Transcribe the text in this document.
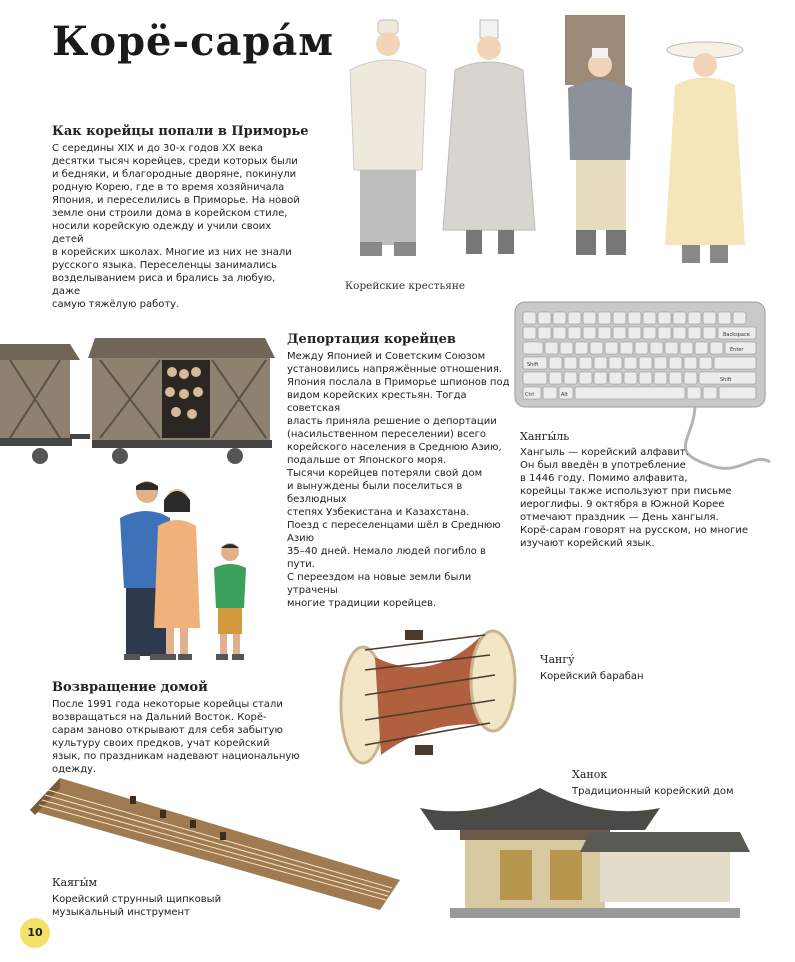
Корё-сара́м
Как корейцы попали в Приморье
С середины XIX и до 30-х годов XX века
десятки тысяч корейцев, среди которых были
и бедняки, и благородные дворяне, покинули
родную Корею, где в то время хозяйничала
Япония, и переселились в Приморье. На новой
земле они строили дома в корейском стиле,
носили корейскую одежду и учили своих детей
в корейских школах. Многие из них не знали
русского языка. Переселенцы занимались
возделыванием риса и брались за любую, даже
самую тяжёлую работу.
Корейские крестьяне
Депортация корейцев
Между Японией и Советским Союзом
установились напряжённые отношения.
Япония послала в Приморье шпионов под
видом корейских крестьян. Тогда советская
власть приняла решение о депортации
(насильственном переселении) всего
корейского населения в Среднюю Азию,
подальше от Японского моря.
Тысячи корейцев потеряли свой дом
и вынуждены были поселиться в безлюдных
степях Узбекистана и Казахстана.
Поезд с переселенцами шёл в Среднюю Азию
35–40 дней. Немало людей погибло в пути.
С переездом на новые земли были утрачены
многие традиции корейцев.
Backspace
Enter
Shift
Shift
Ctrl	Alt
Хангы́ль
Хангыль — корейский алфавит.
Он был введён в употребление
в 1446 году. Помимо алфавита,
корейцы также используют при письме
иероглифы. 9 октября в Южной Корее
отмечают праздник — День хангыля.
Корё-сарам говорят на русском, но многие
изучают корейский язык.
Чангу́
Корейский барабан
Возвращение домой
После 1991 года некоторые корейцы стали
возвращаться на Дальний Восток. Корё-
сарам заново открывают для себя забытую
культуру своих предков, учат корейский
язык, по праздникам надевают национальную
одежду.	Ханок
Традиционный корейский дом
Каягы́м
Корейский струнный щипковый
музыкальный инструмент
10
